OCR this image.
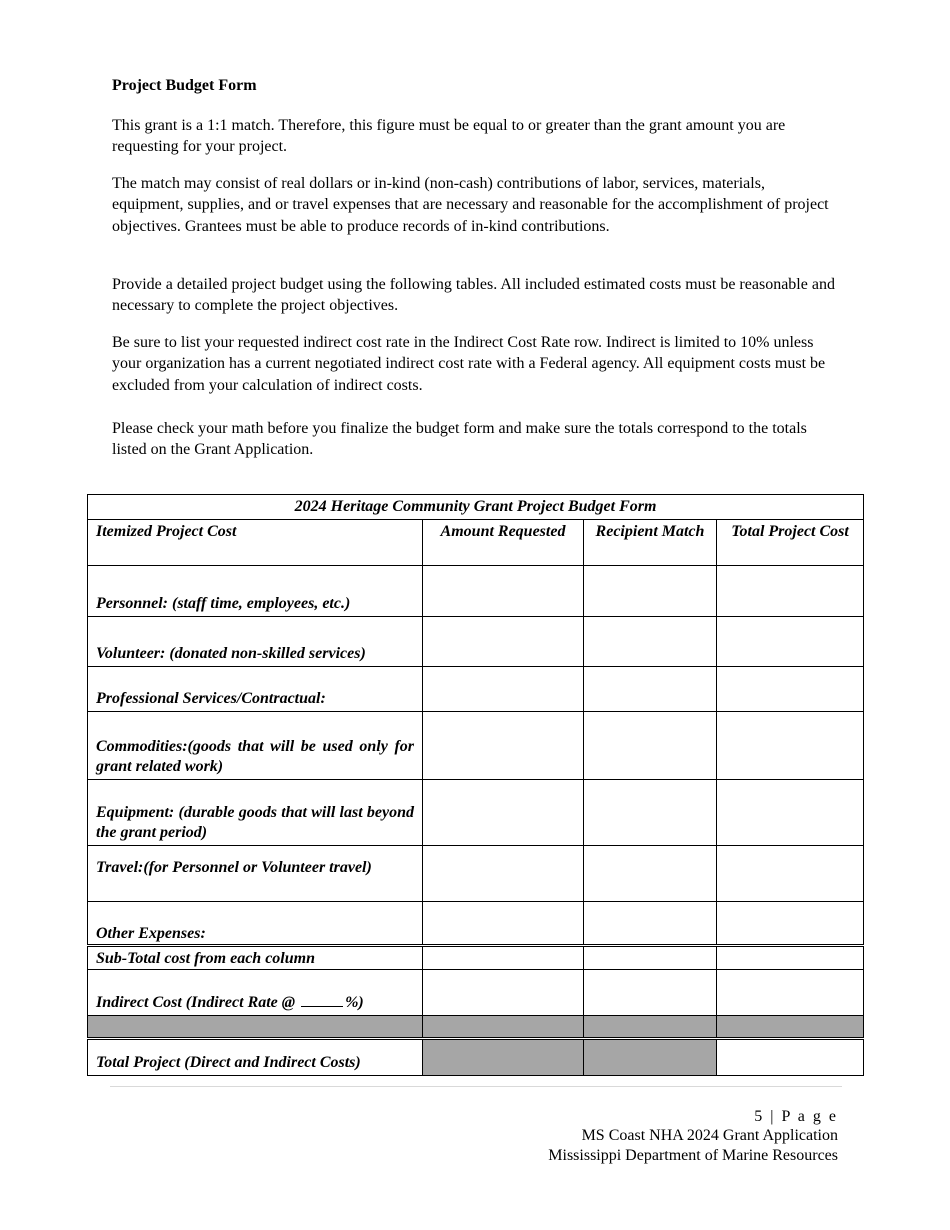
Project Budget Form

This grant is a 1:1 match. Therefore, this figure must be equal to or greater than the grant amount you are requesting for your project.

The match may consist of real dollars or in-kind (non-cash) contributions of labor, services, materials, equipment, supplies, and or travel expenses that are necessary and reasonable for the accomplishment of project objectives. Grantees must be able to produce records of in-kind contributions.

Provide a detailed project budget using the following tables. All included estimated costs must be reasonable and necessary to complete the project objectives.

Be sure to list your requested indirect cost rate in the Indirect Cost Rate row. Indirect is limited to 10% unless your organization has a current negotiated indirect cost rate with a Federal agency. All equipment costs must be excluded from your calculation of indirect costs.

Please check your math before you finalize the budget form and make sure the totals correspond to the totals listed on the Grant Application.

2024 Heritage Community Grant Project Budget Form			
Itemized Project Cost	Amount Requested	Recipient Match	Total Project Cost
Personnel: (staff time, employees, etc.)			
Volunteer: (donated non-skilled services)			
Professional Services/Contractual:			
Commodities:(goods that will be used only for grant related work)			
Equipment: (durable goods that will last beyond the grant period)			
Travel:(for Personnel or Volunteer travel)			
Other Expenses:			
Sub-Total cost from each column			
Indirect Cost (Indirect Rate @ %)			

Total Project (Direct and Indirect Costs)			

5 | P a g e

MS Coast NHA 2024 Grant Application

Mississippi Department of Marine Resources
